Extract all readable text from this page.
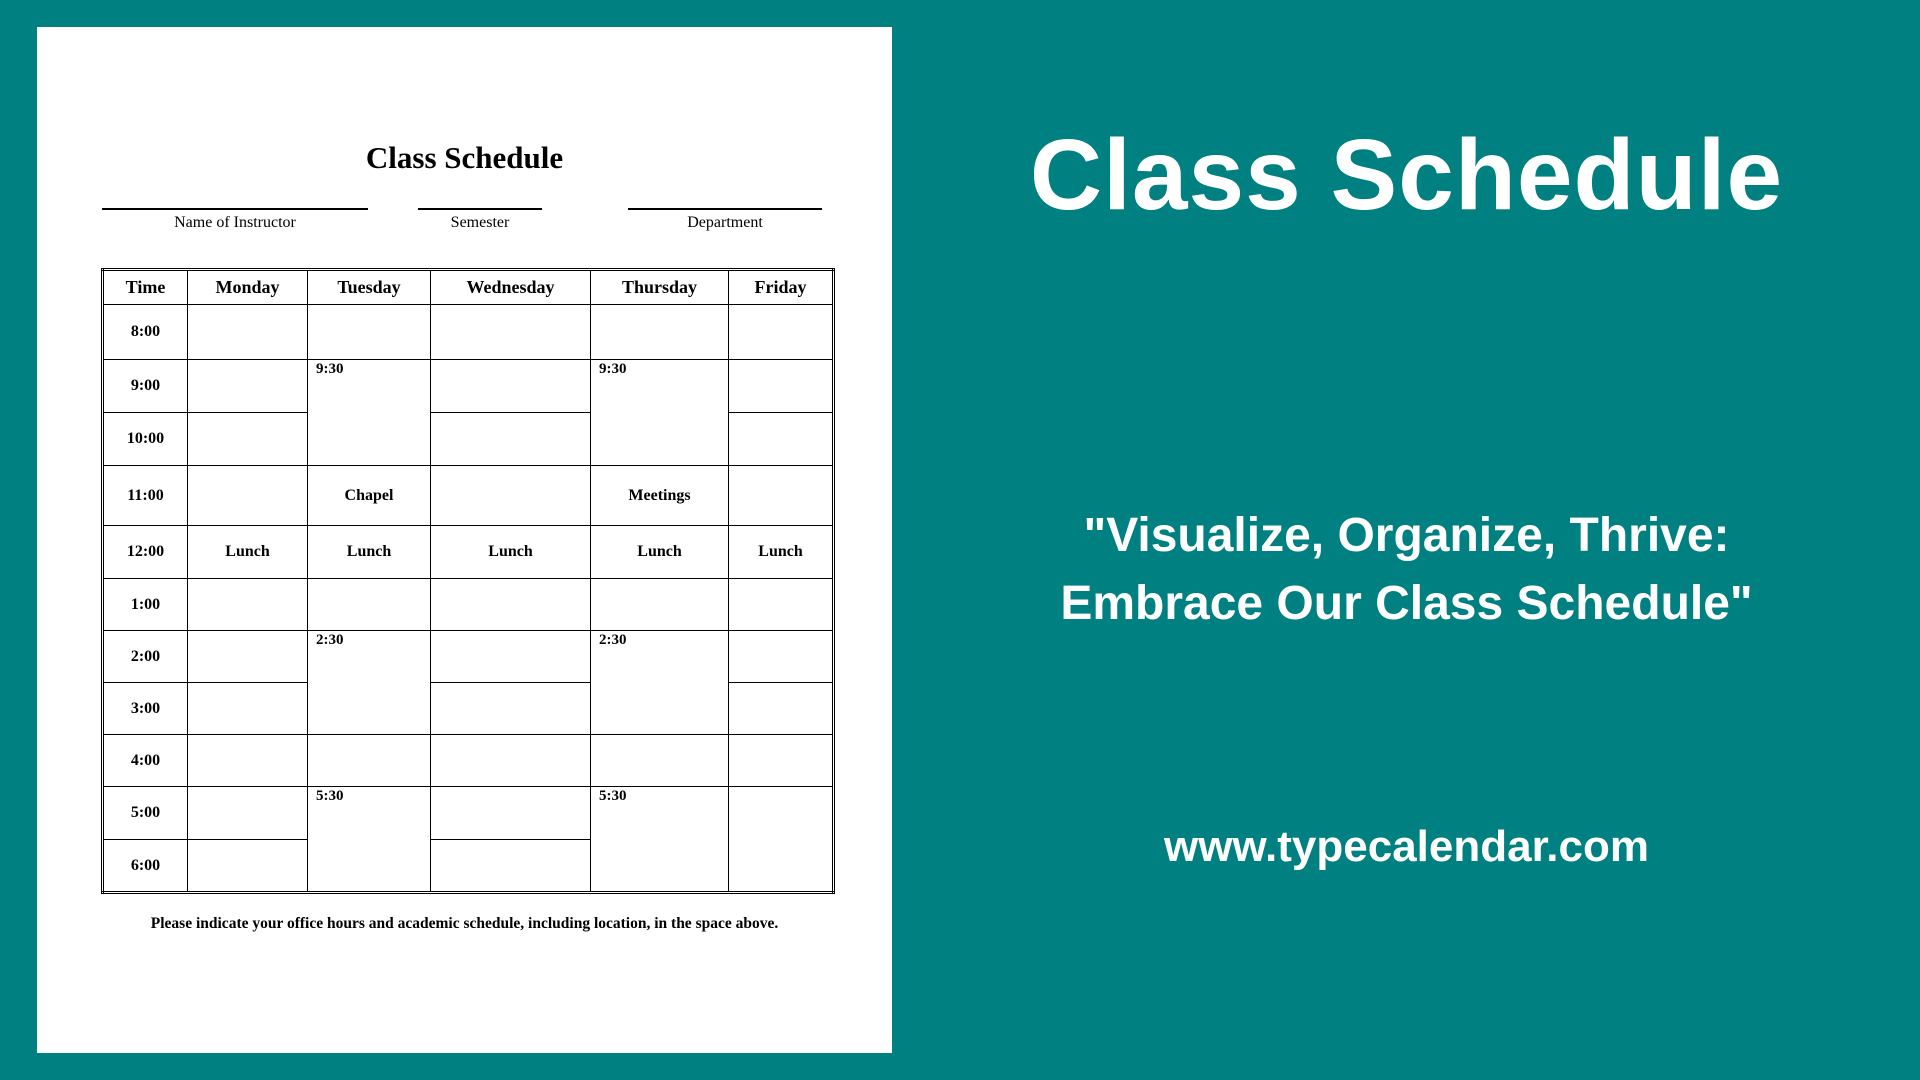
Class Schedule
Name of Instructor	Semester	Department
Time	Monday	Tuesday	Wednesday	Thursday	Friday
8:00					
9:00		9:30		9:30	
10:00					
11:00		Chapel		Meetings	
12:00	Lunch	Lunch	Lunch	Lunch	Lunch
1:00					
2:00		2:30		2:30	
3:00					
4:00					
5:00		5:30		5:30	
6:00					
Please indicate your office hours and academic schedule, including location, in the space above.
Class Schedule
"Visualize, Organize, Thrive:
Embrace Our Class Schedule"
www.typecalendar.com
